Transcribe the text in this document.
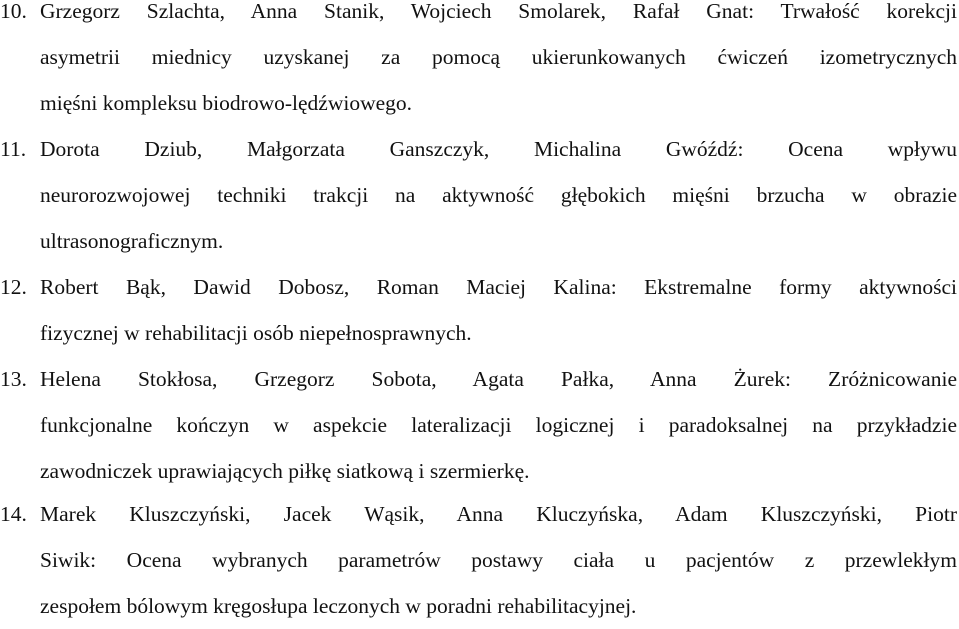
10. Grzegorz Szlachta, Anna Stanik, Wojciech Smolarek, Rafał Gnat: Trwałość korekcji
asymetrii miednicy uzyskanej za pomocą ukierunkowanych ćwiczeń izometrycznych
mięśni kompleksu biodrowo-lędźwiowego.
11. Dorota Dziub, Małgorzata Ganszczyk, Michalina Gwóźdź: Ocena wpływu
neurorozwojowej techniki trakcji na aktywność głębokich mięśni brzucha w obrazie
ultrasonograficznym.
12. Robert Bąk, Dawid Dobosz, Roman Maciej Kalina: Ekstremalne formy aktywności
fizycznej w rehabilitacji osób niepełnosprawnych.
13. Helena Stokłosa, Grzegorz Sobota, Agata Pałka, Anna Żurek: Zróżnicowanie
funkcjonalne kończyn w aspekcie lateralizacji logicznej i paradoksalnej na przykładzie
zawodniczek uprawiających piłkę siatkową i szermierkę.
14. Marek Kluszczyński, Jacek Wąsik, Anna Kluczyńska, Adam Kluszczyński, Piotr
Siwik: Ocena wybranych parametrów postawy ciała u pacjentów z przewlekłym
zespołem bólowym kręgosłupa leczonych w poradni rehabilitacyjnej.
